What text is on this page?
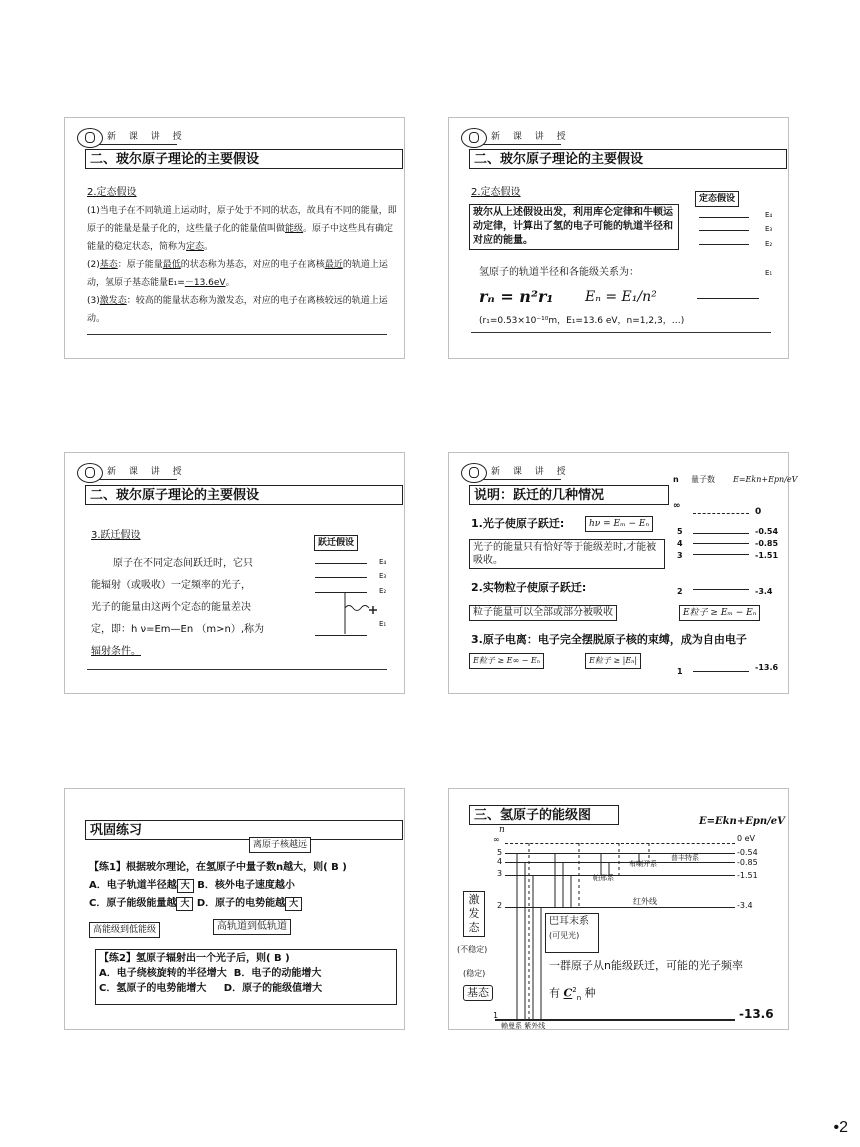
新 课 讲 授
二、玻尔原子理论的主要假设
2.定态假设
(1)当电子在不同轨道上运动时，原子处于不同的状态，故具有不同的能量，即原子的能量是量子化的，这些量子化的能量值叫做能级。原子中这些具有确定能量的稳定状态，简称为定态。
(2)基态：原子能量最低的状态称为基态，对应的电子在离核最近的轨道上运动，氢原子基态能量E₁=－13.6eV。
(3)激发态：较高的能量状态称为激发态，对应的电子在离核较远的轨道上运动。
新 课 讲 授
二、玻尔原子理论的主要假设
2.定态假设
定态假设
玻尔从上述假设出发，利用库仑定律和牛顿运动定律，计算出了氢的电子可能的轨道半径和对应的能量。
E₄
E₃
E₂
E₁
氢原子的轨道半径和各能级关系为：
rₙ = n²r₁ Eₙ = E₁/n²
(r₁=0.53×10⁻¹⁰m，E₁=13.6 eV，n=1,2,3，…)
新 课 讲 授
二、玻尔原子理论的主要假设
3.跃迁假设
原子在不同定态间跃迁时，它只
能辐射（或吸收）一定频率的光子，
光子的能量由这两个定态的能量差决
定，即：h ν=Em—En （m>n）,称为
辐射条件。
跃迁假设
E₄
E₃
E₂
E₁
新 课 讲 授
n 量子数 E=Ekn+Epn/eV
说明：跃迁的几种情况
1.光子使原子跃迁:	hν = Eₘ − Eₙ
光子的能量只有恰好等于能级差时,才能被吸收。
2.实物粒子使原子跃迁:
粒子能量可以全部或部分被吸收	E粒子 ≥ Eₘ − Eₙ
3.原子电离：电子完全摆脱原子核的束缚，成为自由电子
E粒子 ≥ E∞ − Eₙ	E粒子 ≥ |Eₙ|
∞
0
5	-0.54
4	-0.85
3	-1.51
2	-3.4
1	-13.6
巩固练习
离原子核越远
【练1】根据玻尔理论，在氢原子中量子数n越大，则( B )
A．电子轨道半径越 大 B．核外电子速度越小
C．原子能级能量越 大 D．原子的电势能越 大
高能级到低能级	高轨道到低轨道
【练2】氢原子辐射出一个光子后，则( B )
A．电子绕核旋转的半径增大 B．电子的动能增大
C．氢原子的电势能增大 D．原子的能级值增大
三、氢原子的能级图	E=Ekn+Epn/eV
n
∞	0 eV
5	-0.54
4	-0.85
3	-1.51
2	-3.4
1	-13.6
激发态
(不稳定)
(稳定)
基态
巴耳末系
(可见光)
帕邢系
布喇开系
普丰特系
红外线
赖曼系 紫外线
一群原子从n能级跃迁，可能的光子频率
有 $C^2_n$ 种
•2
